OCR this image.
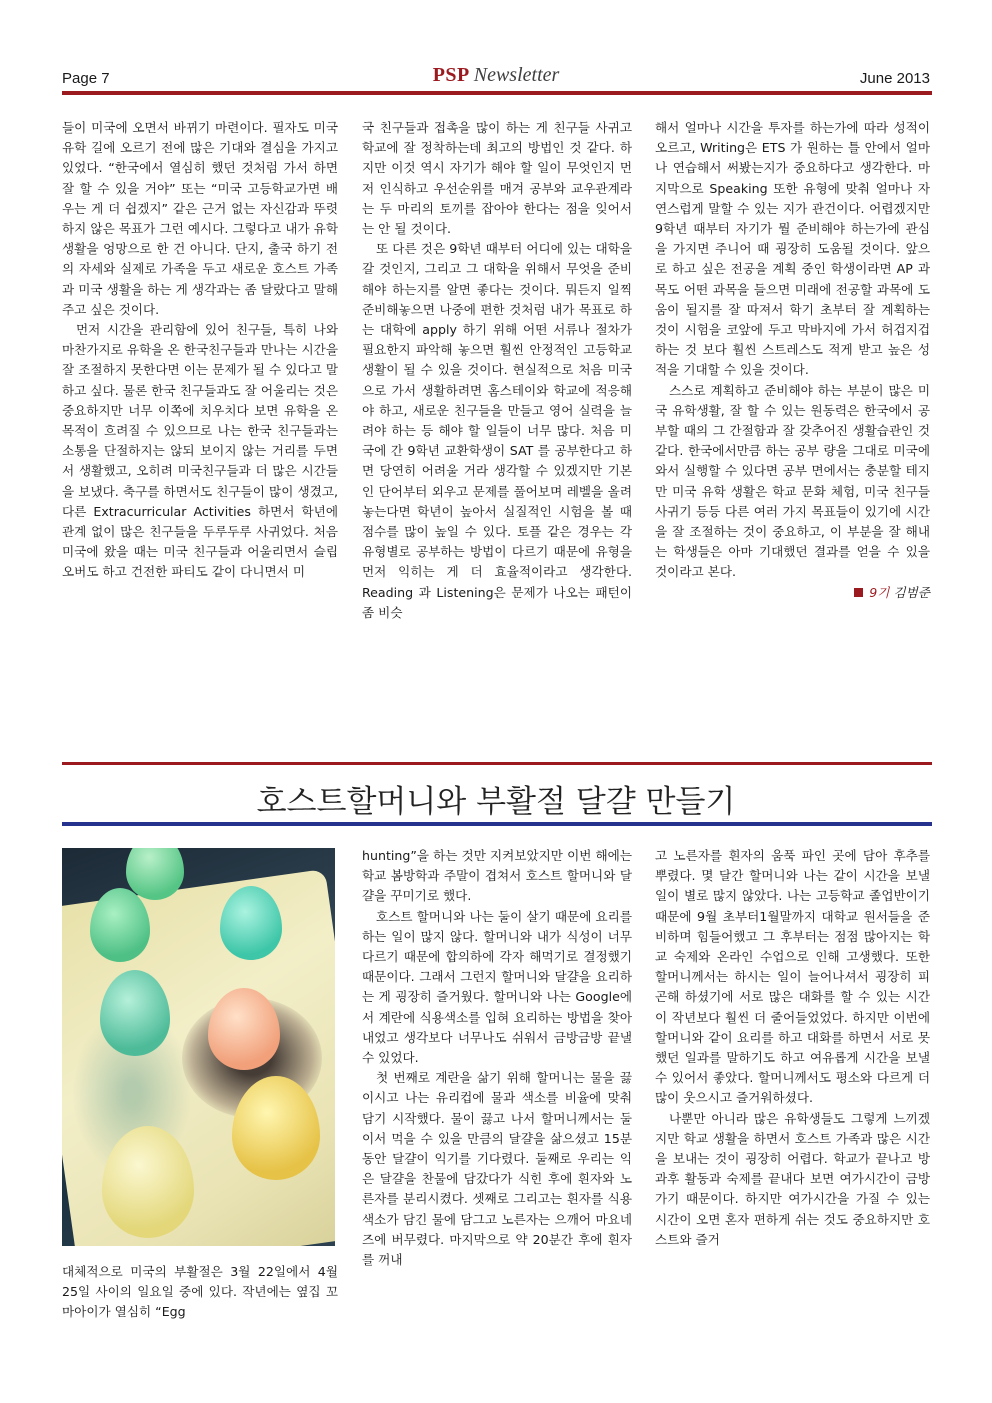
Page 7	PSP Newsletter	June 2013

들이 미국에 오면서 바뀌기 마련이다. 필자도 미국 유학 길에 오르기 전에 많은 기대와 결심을 가지고 있었다. “한국에서 열심히 했던 것처럼 가서 하면 잘 할 수 있을 거야” 또는 “미국 고등학교가면 배우는 게 더 쉽겠지” 같은 근거 없는 자신감과 뚜렷하지 않은 목표가 그런 예시다. 그렇다고 내가 유학생활을 엉망으로 한 건 아니다. 단지, 출국 하기 전의 자세와 실제로 가족을 두고 새로운 호스트 가족과 미국 생활을 하는 게 생각과는 좀 달랐다고 말해주고 싶은 것이다.

먼저 시간을 관리함에 있어 친구들, 특히 나와 마찬가지로 유학을 온 한국친구들과 만나는 시간을 잘 조절하지 못한다면 이는 문제가 될 수 있다고 말하고 싶다. 물론 한국 친구들과도 잘 어울리는 것은 중요하지만 너무 이쪽에 치우치다 보면 유학을 온 목적이 흐려질 수 있으므로 나는 한국 친구들과는 소통을 단절하지는 않되 보이지 않는 거리를 두면서 생활했고, 오히려 미국친구들과 더 많은 시간들을 보냈다. 축구를 하면서도 친구들이 많이 생겼고, 다른 Extracurricular Activities 하면서 학년에 관계 없이 많은 친구들을 두루두루 사귀었다. 처음 미국에 왔을 때는 미국 친구들과 어울리면서 슬립오버도 하고 건전한 파티도 같이 다니면서 미

국 친구들과 접촉을 많이 하는 게 친구들 사귀고 학교에 잘 정착하는데 최고의 방법인 것 같다. 하지만 이것 역시 자기가 해야 할 일이 무엇인지 먼저 인식하고 우선순위를 매겨 공부와 교우관계라는 두 마리의 토끼를 잡아야 한다는 점을 잊어서는 안 될 것이다.

또 다른 것은 9학년 때부터 어디에 있는 대학을 갈 것인지, 그리고 그 대학을 위해서 무엇을 준비해야 하는지를 알면 좋다는 것이다. 뭐든지 일찍 준비해놓으면 나중에 편한 것처럼 내가 목표로 하는 대학에 apply 하기 위해 어떤 서류나 절차가 필요한지 파악해 놓으면 훨씬 안정적인 고등학교 생활이 될 수 있을 것이다. 현실적으로 처음 미국으로 가서 생활하려면 홈스테이와 학교에 적응해야 하고, 새로운 친구들을 만들고 영어 실력을 늘려야 하는 등 해야 할 일들이 너무 많다. 처음 미국에 간 9학년 교환학생이 SAT 를 공부한다고 하면 당연히 어려울 거라 생각할 수 있겠지만 기본인 단어부터 외우고 문제를 풀어보며 레벨을 올려 놓는다면 학년이 높아서 실질적인 시험을 볼 때 점수를 많이 높일 수 있다. 토플 같은 경우는 각 유형별로 공부하는 방법이 다르기 때문에 유형을 먼저 익히는 게 더 효율적이라고 생각한다. Reading 과 Listening은 문제가 나오는 패턴이 좀 비슷

해서 얼마나 시간을 투자를 하는가에 따라 성적이 오르고, Writing은 ETS 가 원하는 틀 안에서 얼마나 연습해서 써봤는지가 중요하다고 생각한다. 마지막으로 Speaking 또한 유형에 맞춰 얼마나 자연스럽게 말할 수 있는 지가 관건이다. 어렵겠지만 9학년 때부터 자기가 뭘 준비해야 하는가에 관심을 가지면 주니어 때 굉장히 도움될 것이다. 앞으로 하고 싶은 전공을 계획 중인 학생이라면 AP 과목도 어떤 과목을 들으면 미래에 전공할 과목에 도움이 될지를 잘 따져서 학기 초부터 잘 계획하는 것이 시험을 코앞에 두고 막바지에 가서 허겁지겁하는 것 보다 훨씬 스트레스도 적게 받고 높은 성적을 기대할 수 있을 것이다.

스스로 계획하고 준비해야 하는 부분이 많은 미국 유학생활, 잘 할 수 있는 원동력은 한국에서 공부할 때의 그 간절함과 잘 갖추어진 생활습관인 것 같다. 한국에서만큼 하는 공부 량을 그대로 미국에 와서 실행할 수 있다면 공부 면에서는 충분할 테지만 미국 유학 생활은 학교 문화 체험, 미국 친구들 사귀기 등등 다른 여러 가지 목표들이 있기에 시간을 잘 조절하는 것이 중요하고, 이 부분을 잘 해내는 학생들은 아마 기대했던 결과를 얻을 수 있을 것이라고 본다.

9기 김범준
호스트할머니와 부활절 달걀 만들기

대체적으로 미국의 부활절은 3월 22일에서 4월 25일 사이의 일요일 중에 있다. 작년에는 옆집 꼬마아이가 열심히 “Egg

hunting”을 하는 것만 지켜보았지만 이번 해에는 학교 봄방학과 주말이 겹쳐서 호스트 할머니와 달걀을 꾸미기로 했다.

호스트 할머니와 나는 둘이 살기 때문에 요리를 하는 일이 많지 않다. 할머니와 내가 식성이 너무 다르기 때문에 합의하에 각자 해먹기로 결정했기 때문이다. 그래서 그런지 할머니와 달걀을 요리하는 게 굉장히 즐거웠다. 할머니와 나는 Google에서 계란에 식용색소를 입혀 요리하는 방법을 찾아내었고 생각보다 너무나도 쉬워서 금방금방 끝낼 수 있었다.

첫 번째로 계란을 삶기 위해 할머니는 물을 끓이시고 나는 유리컵에 물과 색소를 비율에 맞춰 담기 시작했다. 물이 끓고 나서 할머니께서는 둘이서 먹을 수 있을 만큼의 달걀을 삶으셨고 15분 동안 달걀이 익기를 기다렸다. 둘째로 우리는 익은 달걀을 찬물에 담갔다가 식힌 후에 흰자와 노른자를 분리시켰다. 셋째로 그리고는 흰자를 식용색소가 담긴 물에 담그고 노른자는 으깨어 마요네즈에 버무렸다. 마지막으로 약 20분간 후에 흰자를 꺼내

고 노른자를 흰자의 움푹 파인 곳에 담아 후추를 뿌렸다. 몇 달간 할머니와 나는 같이 시간을 보낼 일이 별로 많지 않았다. 나는 고등학교 졸업반이기 때문에 9월 초부터1월말까지 대학교 원서들을 준비하며 힘들어했고 그 후부터는 점점 많아지는 학교 숙제와 온라인 수업으로 인해 고생했다. 또한 할머니께서는 하시는 일이 늘어나셔서 굉장히 피곤해 하셨기에 서로 많은 대화를 할 수 있는 시간이 작년보다 훨씬 더 줄어들었었다. 하지만 이번에 할머니와 같이 요리를 하고 대화를 하면서 서로 못했던 일과를 말하기도 하고 여유롭게 시간을 보낼 수 있어서 좋았다. 할머니께서도 평소와 다르게 더 많이 웃으시고 즐거워하셨다.

나뿐만 아니라 많은 유학생들도 그렇게 느끼겠지만 학교 생활을 하면서 호스트 가족과 많은 시간을 보내는 것이 굉장히 어렵다. 학교가 끝나고 방과후 활동과 숙제를 끝내다 보면 여가시간이 금방 가기 때문이다. 하지만 여가시간을 가질 수 있는 시간이 오면 혼자 편하게 쉬는 것도 중요하지만 호스트와 즐거
